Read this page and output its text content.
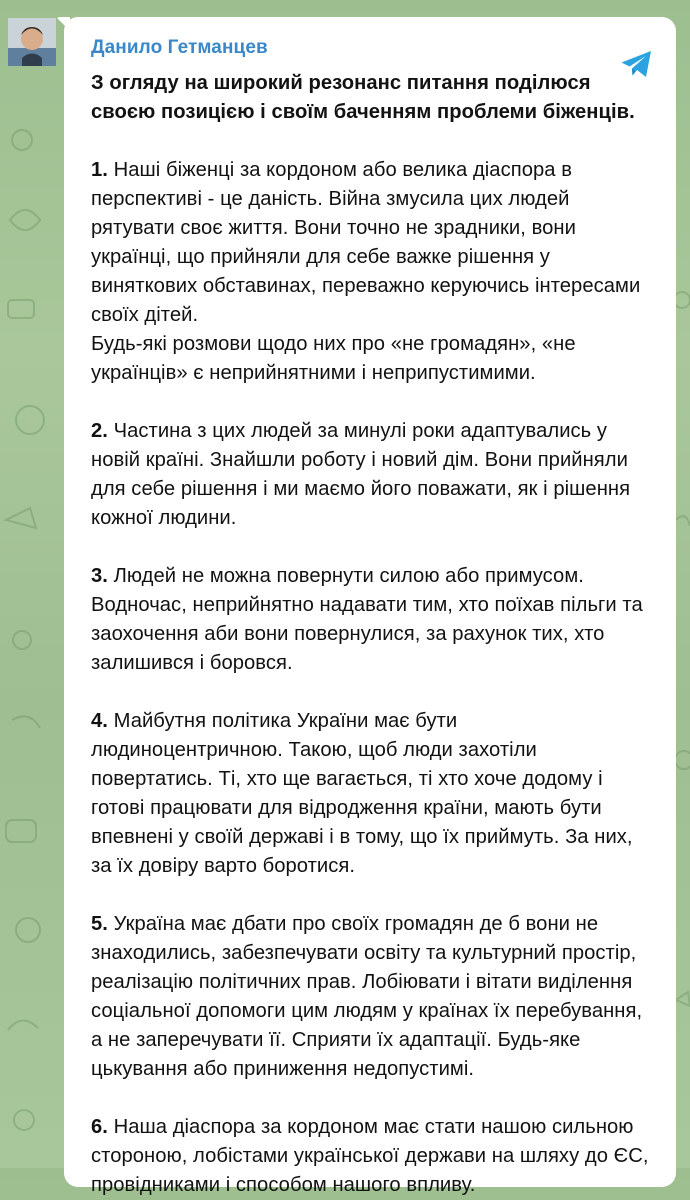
Данило Гетманцев

З огляду на широкий резонанс питання поділюся своєю позицією і своїм баченням проблеми біженців.

1. Наші біженці за кордоном або велика діаспора в перспективі - це даність. Війна змусила цих людей рятувати своє життя. Вони точно не зрадники, вони українці, що прийняли для себе важке рішення у виняткових обставинах, переважно керуючись інтересами своїх дітей.

Будь-які розмови щодо них про «не громадян», «не українців» є неприйнятними і неприпустимими.

2. Частина з цих людей за минулі роки адаптувались у новій країні. Знайшли роботу і новий дім. Вони прийняли для себе рішення і ми маємо його поважати, як і рішення кожної людини.

3. Людей не можна повернути силою або примусом. Водночас, неприйнятно надавати тим, хто поїхав пільги та заохочення аби вони повернулися, за рахунок тих, хто залишився і боровся.

4. Майбутня політика України має бути людиноцентричною. Такою, щоб люди захотіли повертатись. Ті, хто ще вагається, ті хто хоче додому і готові працювати для відродження країни, мають бути впевнені у своїй державі і в тому, що їх приймуть. За них, за їх довіру варто боротися.

5. Україна має дбати про своїх громадян де б вони не знаходились, забезпечувати освіту та культурний простір, реалізацію політичних прав. Лобіювати і вітати виділення соціальної допомоги цим людям у країнах їх перебування, а не заперечувати її. Сприяти їх адаптації. Будь-яке цькування або приниження недопустимі.

6. Наша діаспора за кордоном має стати нашою сильною стороною, лобістами української держави на шляху до ЄС, провідниками і способом нашого впливу.
